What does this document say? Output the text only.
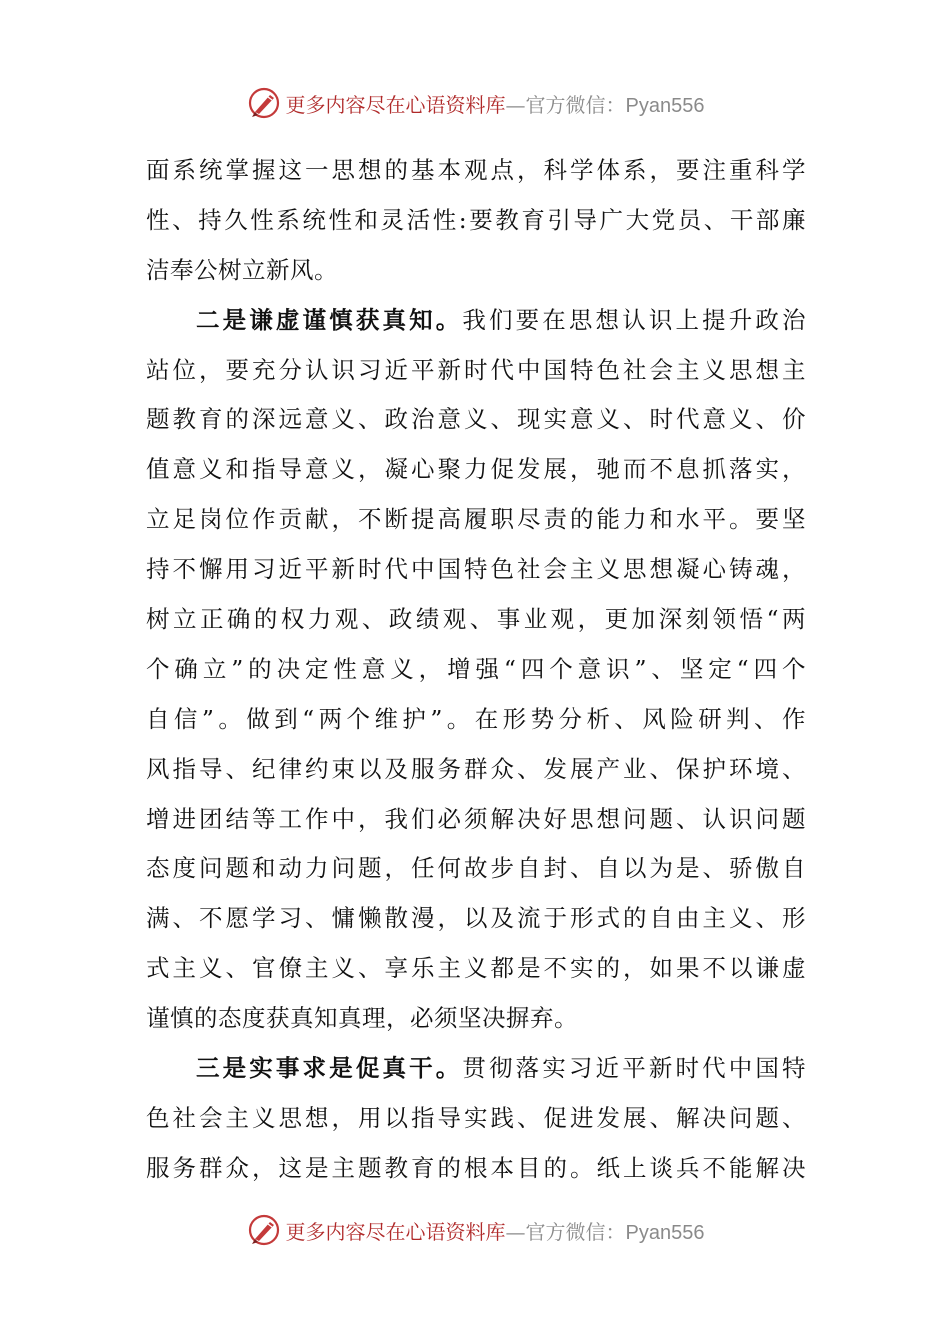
更多内容尽在心语资料库—官方微信：Pyan556
面系统掌握这一思想的基本观点，科学体系，要注重科学
性、持久性系统性和灵活性:要教育引导广大党员、干部廉
洁奉公树立新风。
二是谦虚谨慎获真知。我们要在思想认识上提升政治
站位，要充分认识习近平新时代中国特色社会主义思想主
题教育的深远意义、政治意义、现实意义、时代意义、价
值意义和指导意义，凝心聚力促发展，驰而不息抓落实，
立足岗位作贡献，不断提高履职尽责的能力和水平。要坚
持不懈用习近平新时代中国特色社会主义思想凝心铸魂，
树立正确的权力观、政绩观、事业观，更加深刻领悟“两
个确立”的决定性意义，增强“四个意识”、坚定“四个
自信”。做到“两个维护”。在形势分析、风险研判、作
风指导、纪律约束以及服务群众、发展产业、保护环境、
增进团结等工作中，我们必须解决好思想问题、认识问题
态度问题和动力问题，任何故步自封、自以为是、骄傲自
满、不愿学习、慵懒散漫，以及流于形式的自由主义、形
式主义、官僚主义、享乐主义都是不实的，如果不以谦虚
谨慎的态度获真知真理，必须坚决摒弃。
三是实事求是促真干。贯彻落实习近平新时代中国特
色社会主义思想，用以指导实践、促进发展、解决问题、
服务群众，这是主题教育的根本目的。纸上谈兵不能解决
更多内容尽在心语资料库—官方微信：Pyan556
